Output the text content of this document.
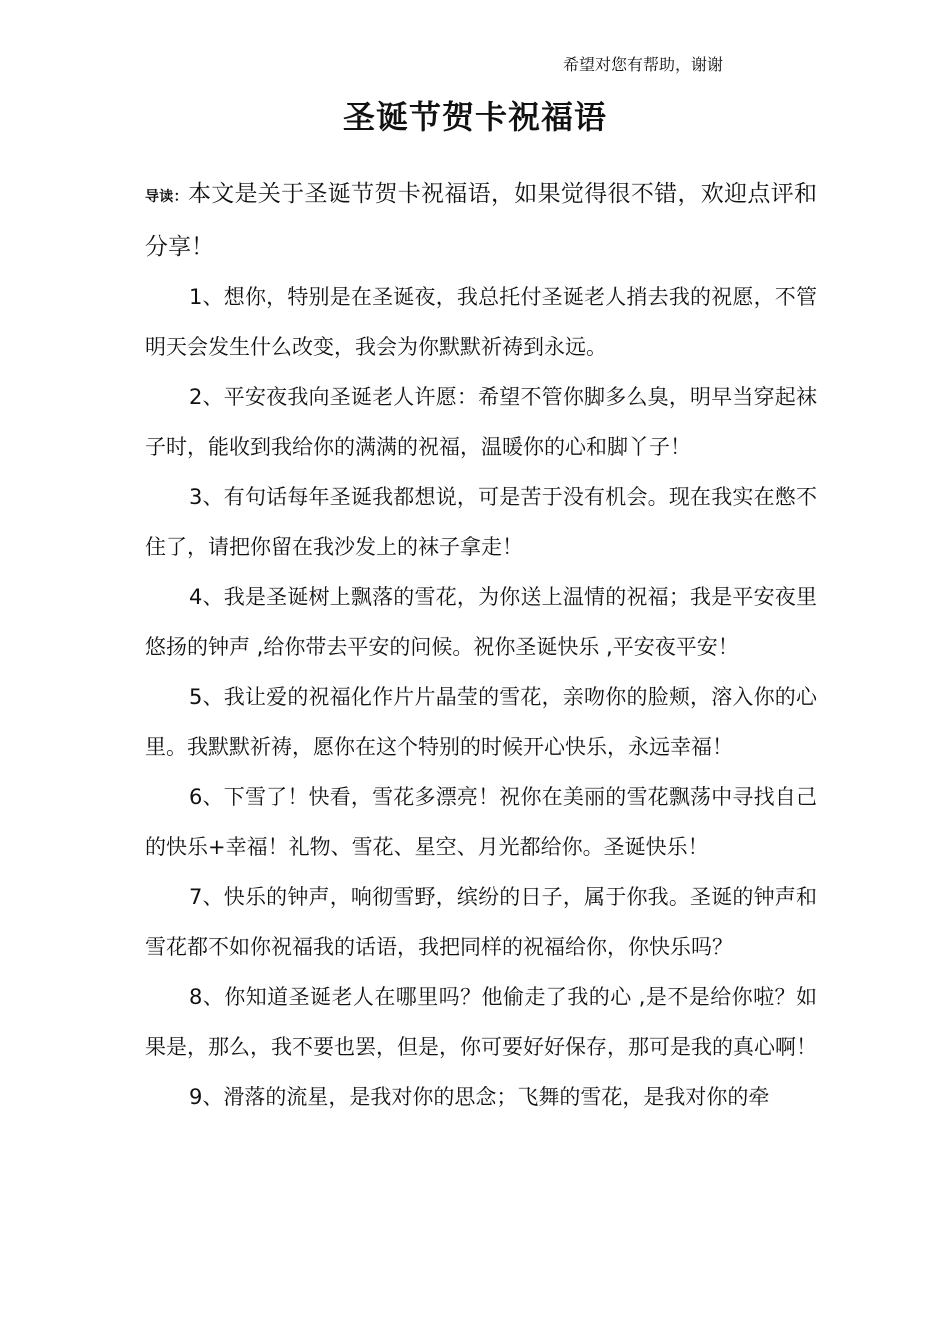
希望对您有帮助，谢谢
圣诞节贺卡祝福语

导读：本文是关于圣诞节贺卡祝福语，如果觉得很不错，欢迎点评和分享！

1、想你，特别是在圣诞夜，我总托付圣诞老人捎去我的祝愿，不管明天会发生什么改变，我会为你默默祈祷到永远。

2、平安夜我向圣诞老人许愿：希望不管你脚多么臭，明早当穿起袜子时，能收到我给你的满满的祝福，温暖你的心和脚丫子！

3、有句话每年圣诞我都想说，可是苦于没有机会。现在我实在憋不住了，请把你留在我沙发上的袜子拿走！

4、我是圣诞树上飘落的雪花，为你送上温情的祝福；我是平安夜里悠扬的钟声 ,给你带去平安的问候。祝你圣诞快乐 ,平安夜平安！

5、我让爱的祝福化作片片晶莹的雪花，亲吻你的脸颊，溶入你的心里。我默默祈祷，愿你在这个特别的时候开心快乐，永远幸福！

6、下雪了！快看，雪花多漂亮！祝你在美丽的雪花飘荡中寻找自己的快乐+幸福！礼物、雪花、星空、月光都给你。圣诞快乐！

7、快乐的钟声，响彻雪野，缤纷的日子，属于你我。圣诞的钟声和雪花都不如你祝福我的话语，我把同样的祝福给你，你快乐吗？

8、你知道圣诞老人在哪里吗？他偷走了我的心 ,是不是给你啦？如果是，那么，我不要也罢，但是，你可要好好保存，那可是我的真心啊！

9、滑落的流星，是我对你的思念；飞舞的雪花，是我对你的牵
